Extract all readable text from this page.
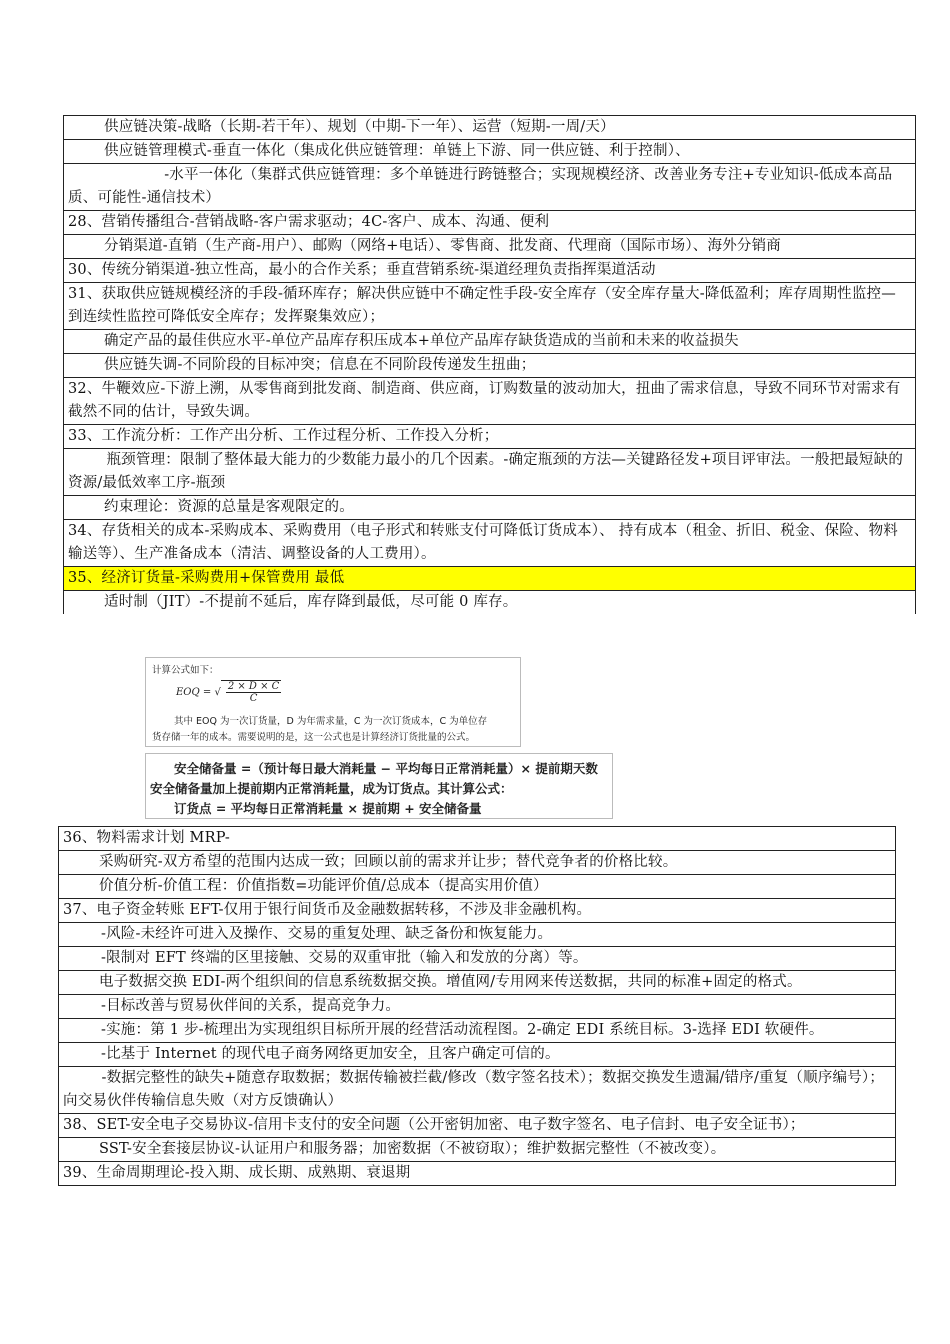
供应链决策-战略（长期-若干年）、规划（中期-下一年）、运营（短期-一周/天）
供应链管理模式-垂直一体化（集成化供应链管理：单链上下游、同一供应链、利于控制）、
-水平一体化（集群式供应链管理：多个单链进行跨链整合；实现规模经济、改善业务专注+专业知识-低成本高品质、可能性-通信技术）
28、营销传播组合-营销战略-客户需求驱动；4C-客户、成本、沟通、便利
分销渠道-直销（生产商-用户）、邮购（网络+电话）、零售商、批发商、代理商（国际市场）、海外分销商
30、传统分销渠道-独立性高，最小的合作关系；垂直营销系统-渠道经理负责指挥渠道活动
31、获取供应链规模经济的手段-循环库存；解决供应链中不确定性手段-安全库存（安全库存量大-降低盈利；库存周期性监控—到连续性监控可降低安全库存；发挥聚集效应）；
确定产品的最佳供应水平-单位产品库存积压成本+单位产品库存缺货造成的当前和未来的收益损失
供应链失调-不同阶段的目标冲突；信息在不同阶段传递发生扭曲；
32、牛鞭效应-下游上溯，从零售商到批发商、制造商、供应商，订购数量的波动加大，扭曲了需求信息，导致不同环节对需求有截然不同的估计，导致失调。
33、工作流分析：工作产出分析、工作过程分析、工作投入分析；
瓶颈管理：限制了整体最大能力的少数能力最小的几个因素。-确定瓶颈的方法—关键路径发+项目评审法。一般把最短缺的资源/最低效率工序-瓶颈
约束理论：资源的总量是客观限定的。
34、存货相关的成本-采购成本、采购费用（电子形式和转账支付可降低订货成本）、 持有成本（租金、折旧、税金、保险、物料输送等）、生产准备成本（清洁、调整设备的人工费用）。
35、经济订货量-采购费用+保管费用 最低
适时制（JIT）-不提前不延后，库存降到最低，尽可能 0 库存。
计算公式如下：
EOQ = √ $\frac{2 \times D \times C}{C}$
其中 EOQ 为一次订货量，D 为年需求量，C 为一次订货成本，C 为单位存
货存储一年的成本。需要说明的是，这一公式也是计算经济订货批量的公式。
安全储备量 =（预计每日最大消耗量 − 平均每日正常消耗量）× 提前期天数
安全储备量加上提前期内正常消耗量，成为订货点。其计算公式：
订货点 = 平均每日正常消耗量 × 提前期 + 安全储备量
36、物料需求计划 MRP-
采购研究-双方希望的范围内达成一致；回顾以前的需求并让步；替代竞争者的价格比较。
价值分析-价值工程：价值指数=功能评价值/总成本（提高实用价值）
37、电子资金转账 EFT-仅用于银行间货币及金融数据转移，不涉及非金融机构。
-风险-未经许可进入及操作、交易的重复处理、缺乏备份和恢复能力。
-限制对 EFT 终端的区里接触、交易的双重审批（输入和发放的分离）等。
电子数据交换 EDI-两个组织间的信息系统数据交换。增值网/专用网来传送数据，共同的标准+固定的格式。
-目标改善与贸易伙伴间的关系，提高竞争力。
-实施：第 1 步-梳理出为实现组织目标所开展的经营活动流程图。2-确定 EDI 系统目标。3-选择 EDI 软硬件。
-比基于 Internet 的现代电子商务网络更加安全，且客户确定可信的。
-数据完整性的缺失+随意存取数据；数据传输被拦截/修改（数字签名技术）；数据交换发生遗漏/错序/重复（顺序编号）；向交易伙伴传输信息失败（对方反馈确认）
38、SET-安全电子交易协议-信用卡支付的安全问题（公开密钥加密、电子数字签名、电子信封、电子安全证书）；
SST-安全套接层协议-认证用户和服务器；加密数据（不被窃取）；维护数据完整性（不被改变）。
39、生命周期理论-投入期、成长期、成熟期、衰退期
